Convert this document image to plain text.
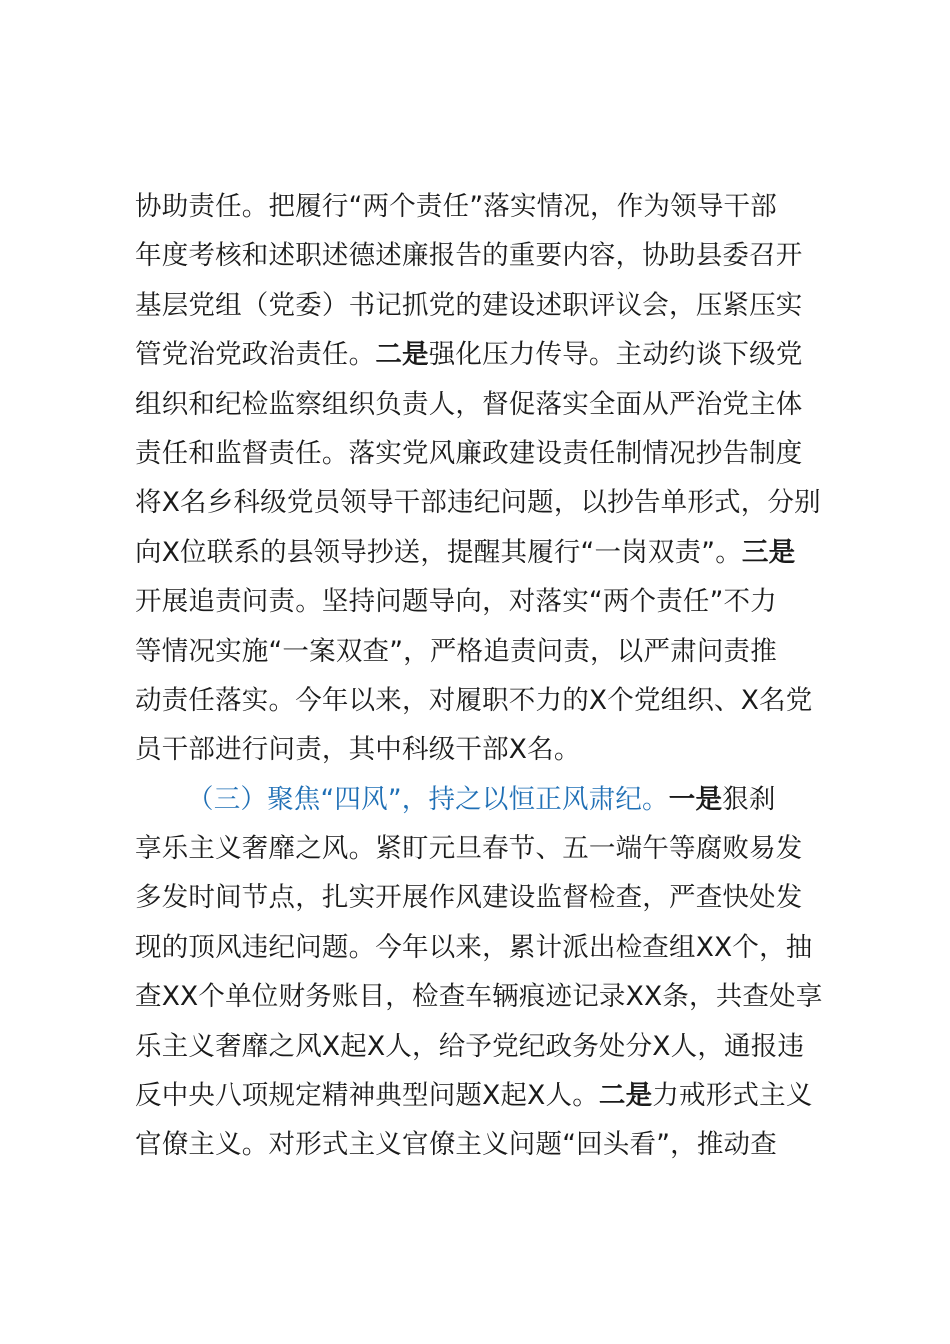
协助责任。把履行“两个责任”落实情况，作为领导干部
年度考核和述职述德述廉报告的重要内容，协助县委召开
基层党组（党委）书记抓党的建设述职评议会，压紧压实
管党治党政治责任。二是强化压力传导。主动约谈下级党
组织和纪检监察组织负责人，督促落实全面从严治党主体
责任和监督责任。落实党风廉政建设责任制情况抄告制度
将X名乡科级党员领导干部违纪问题，以抄告单形式，分别
向X位联系的县领导抄送，提醒其履行“一岗双责”。三是
开展追责问责。坚持问题导向，对落实“两个责任”不力
等情况实施“一案双查”，严格追责问责，以严肃问责推
动责任落实。今年以来，对履职不力的X个党组织、X名党
员干部进行问责，其中科级干部X名。
（三）聚焦“四风”，持之以恒正风肃纪。一是狠刹
享乐主义奢靡之风。紧盯元旦春节、五一端午等腐败易发
多发时间节点，扎实开展作风建设监督检查，严查快处发
现的顶风违纪问题。今年以来，累计派出检查组XX个，抽
查XX个单位财务账目，检查车辆痕迹记录XX条，共查处享
乐主义奢靡之风X起X人，给予党纪政务处分X人，通报违
反中央八项规定精神典型问题X起X人。二是力戒形式主义
官僚主义。对形式主义官僚主义问题“回头看”，推动查
